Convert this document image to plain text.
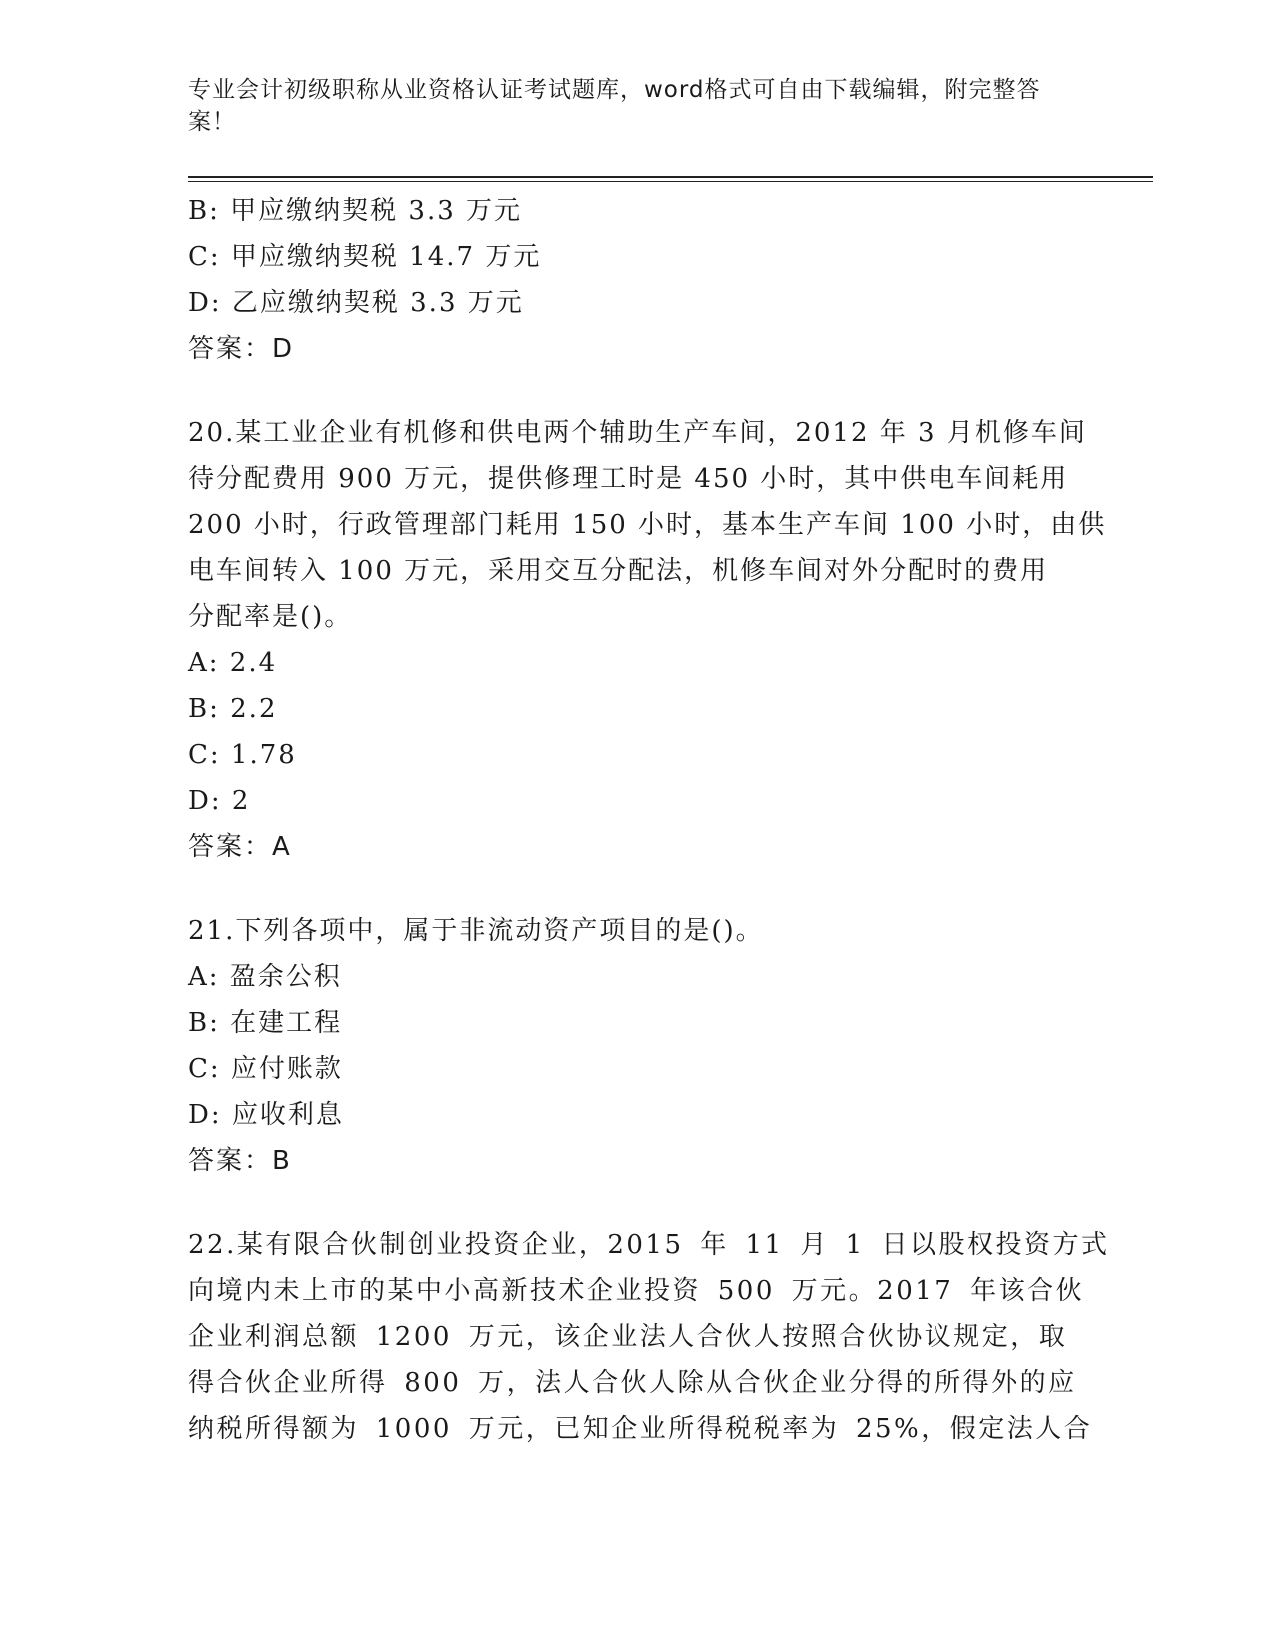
专业会计初级职称从业资格认证考试题库，word格式可自由下载编辑，附完整答
案！
B: 甲应缴纳契税 3.3 万元
C: 甲应缴纳契税 14.7 万元
D: 乙应缴纳契税 3.3 万元
答案：D
20.某工业企业有机修和供电两个辅助生产车间，2012 年 3 月机修车间
待分配费用 900 万元，提供修理工时是 450 小时，其中供电车间耗用
200 小时，行政管理部门耗用 150 小时，基本生产车间 100 小时，由供
电车间转入 100 万元，采用交互分配法，机修车间对外分配时的费用
分配率是()。
A: 2.4
B: 2.2
C: 1.78
D: 2
答案：A
21.下列各项中，属于非流动资产项目的是()。
A: 盈余公积
B: 在建工程
C: 应付账款
D: 应收利息
答案：B
22.某有限合伙制创业投资企业，2015 年 11 月 1 日以股权投资方式
向境内未上市的某中小高新技术企业投资 500 万元。2017 年该合伙
企业利润总额 1200 万元，该企业法人合伙人按照合伙协议规定，取
得合伙企业所得 800 万，法人合伙人除从合伙企业分得的所得外的应
纳税所得额为 1000 万元，已知企业所得税税率为 25%，假定法人合
